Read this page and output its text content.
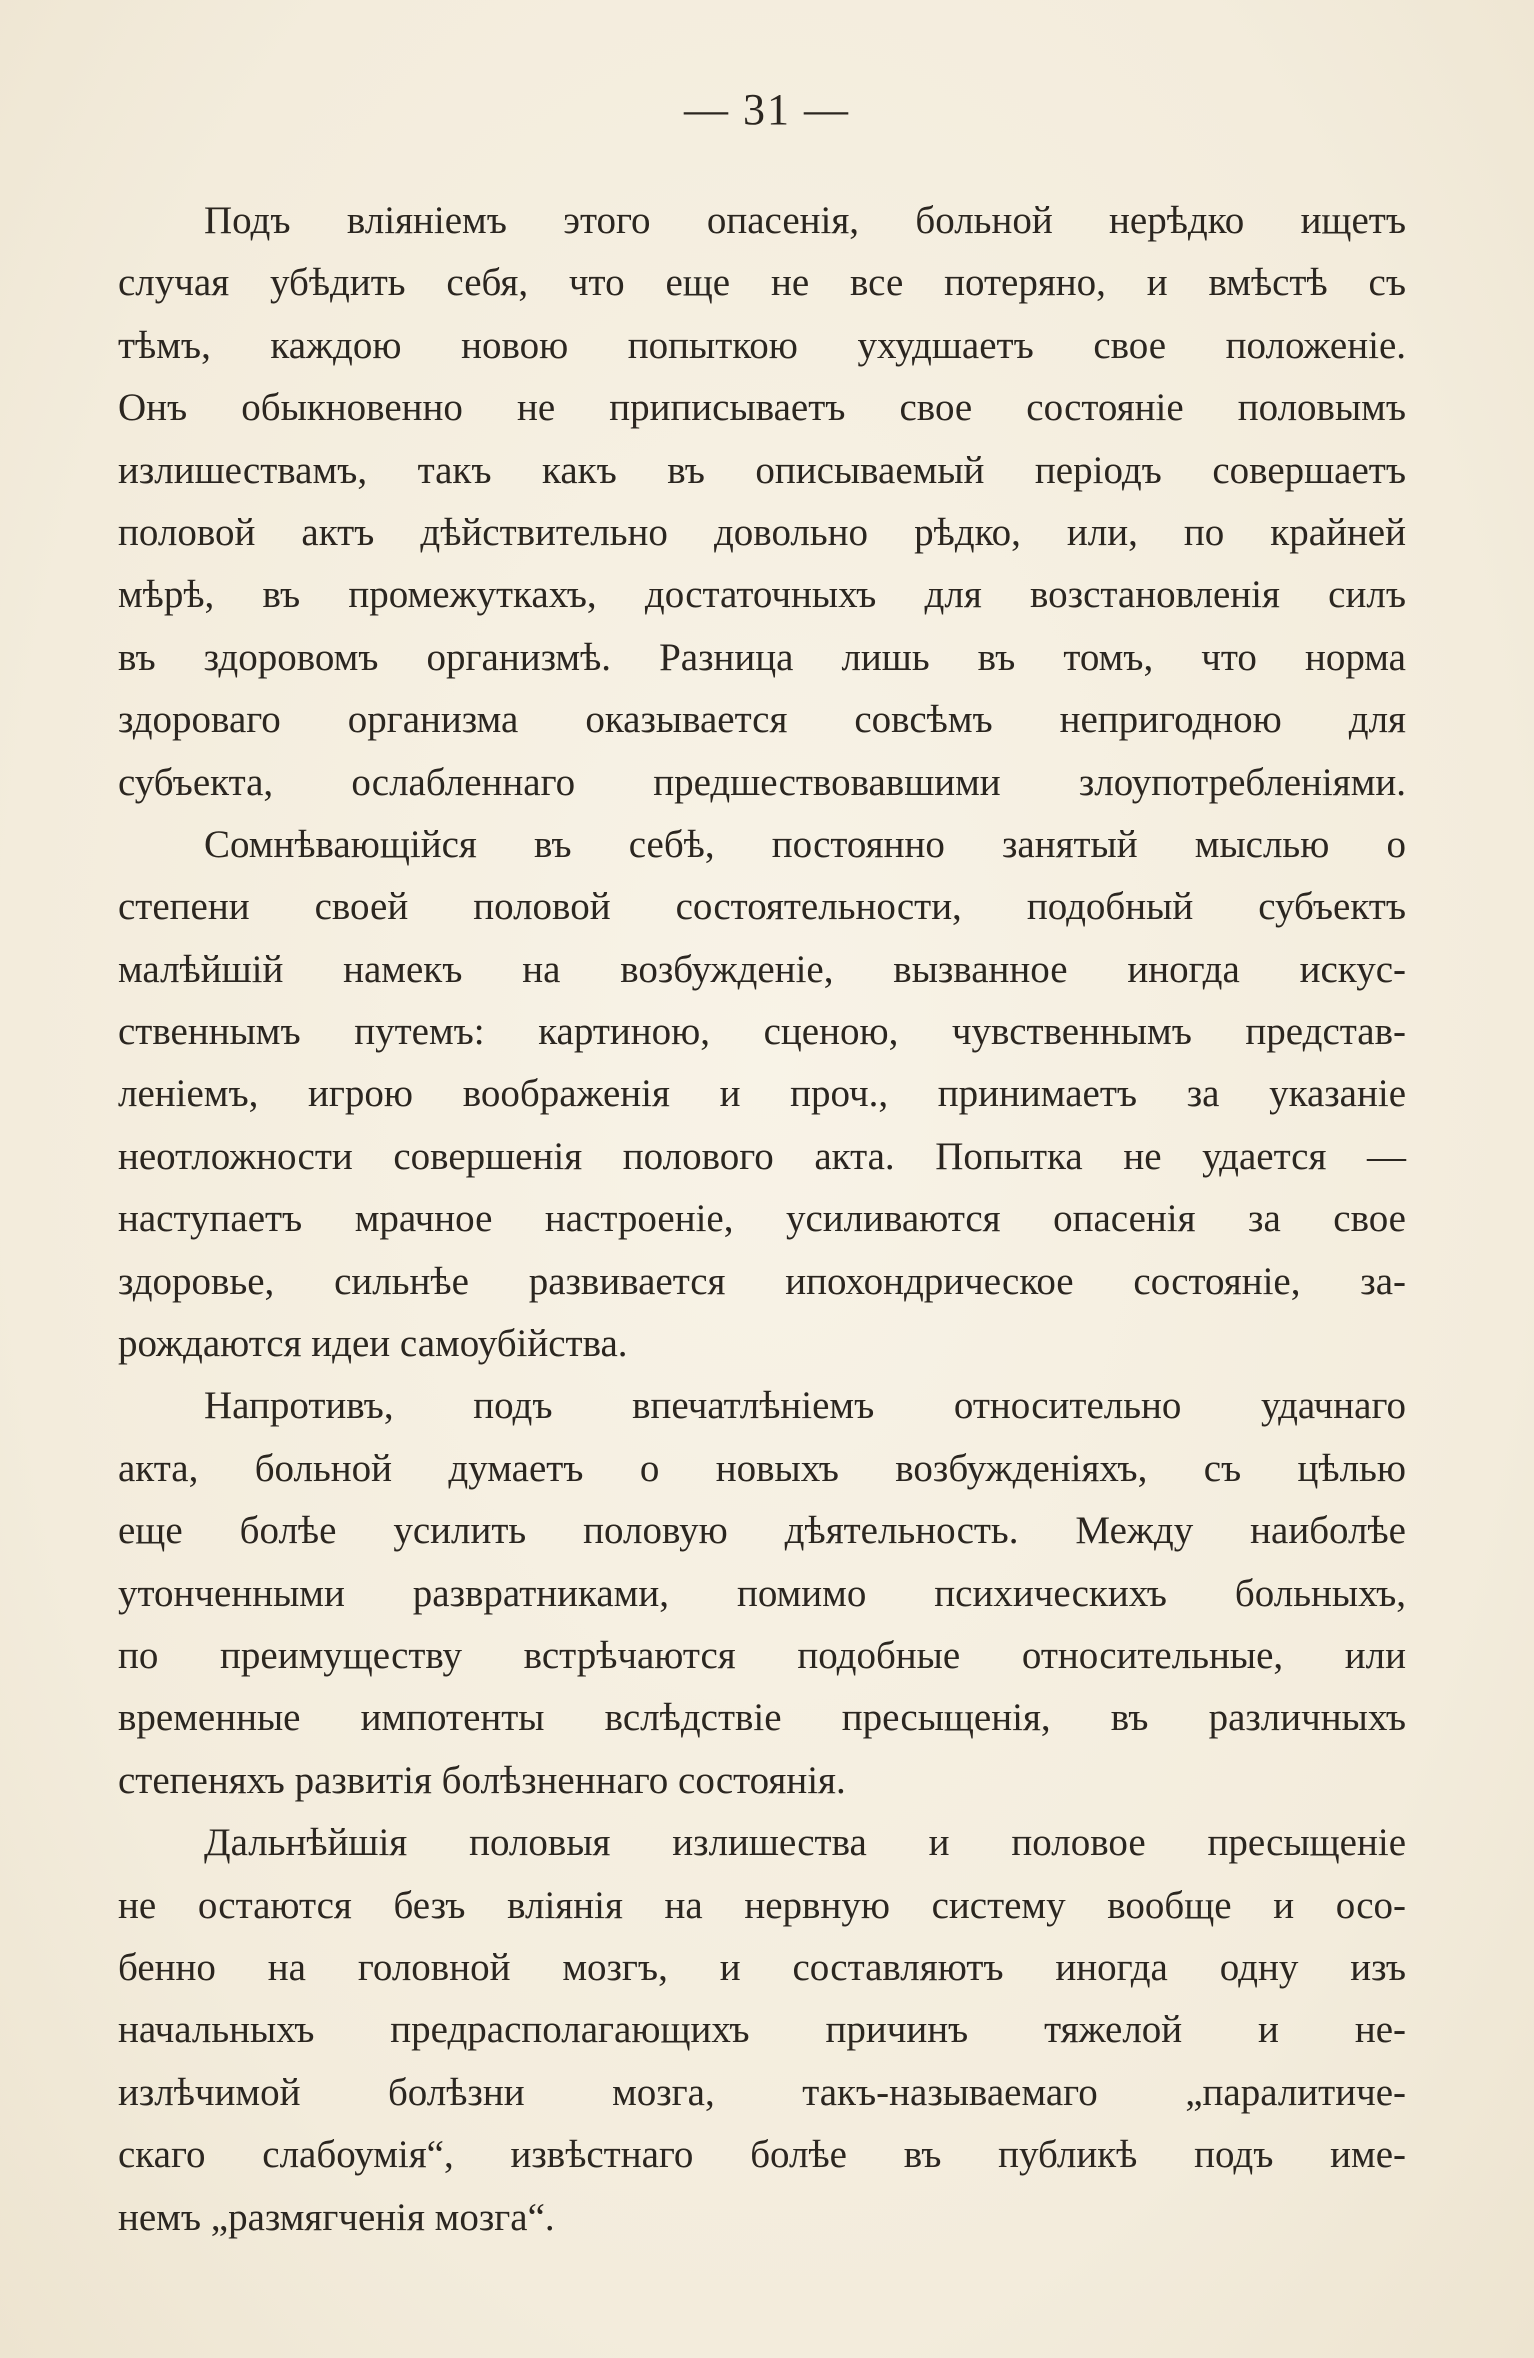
— 31 —
Подъ вліяніемъ этого опасенія, больной нерѣдко ищетъ
случая убѣдить себя, что еще не все потеряно, и вмѣстѣ съ
тѣмъ, каждою новою попыткою ухудшаетъ свое положеніе.
Онъ обыкновенно не приписываетъ свое состояніе половымъ
излишествамъ, такъ какъ въ описываемый періодъ совершаетъ
половой актъ дѣйствительно довольно рѣдко, или, по крайней
мѣрѣ, въ промежуткахъ, достаточныхъ для возстановленія силъ
въ здоровомъ организмѣ. Разница лишь въ томъ, что норма
здороваго организма оказывается совсѣмъ непригодною для
субъекта, ослабленнаго предшествовавшими злоупотребленіями.
Сомнѣвающійся въ себѣ, постоянно занятый мыслью о
степени своей половой состоятельности, подобный субъектъ
малѣйшій намекъ на возбужденіе, вызванное иногда искус-
ственнымъ путемъ: картиною, сценою, чувственнымъ представ-
леніемъ, игрою воображенія и проч., принимаетъ за указаніе
неотложности совершенія полового акта. Попытка не удается —
наступаетъ мрачное настроеніе, усиливаются опасенія за свое
здоровье, сильнѣе развивается ипохондрическое состояніе, за-
рождаются идеи самоубійства.
Напротивъ, подъ впечатлѣніемъ относительно удачнаго
акта, больной думаетъ о новыхъ возбужденіяхъ, съ цѣлью
еще болѣе усилить половую дѣятельность. Между наиболѣе
утонченными развратниками, помимо психическихъ больныхъ,
по преимуществу встрѣчаются подобные относительные, или
временные импотенты вслѣдствіе пресыщенія, въ различныхъ
степеняхъ развитія болѣзненнаго состоянія.
Дальнѣйшія половыя излишества и половое пресыщеніе
не остаются безъ вліянія на нервную систему вообще и осо-
бенно на головной мозгъ, и составляютъ иногда одну изъ
начальныхъ предрасполагающихъ причинъ тяжелой и не-
излѣчимой болѣзни мозга, такъ-называемаго „паралитиче-
скаго слабоумія“, извѣстнаго болѣе въ публикѣ подъ име-
немъ „размягченія мозга“.
